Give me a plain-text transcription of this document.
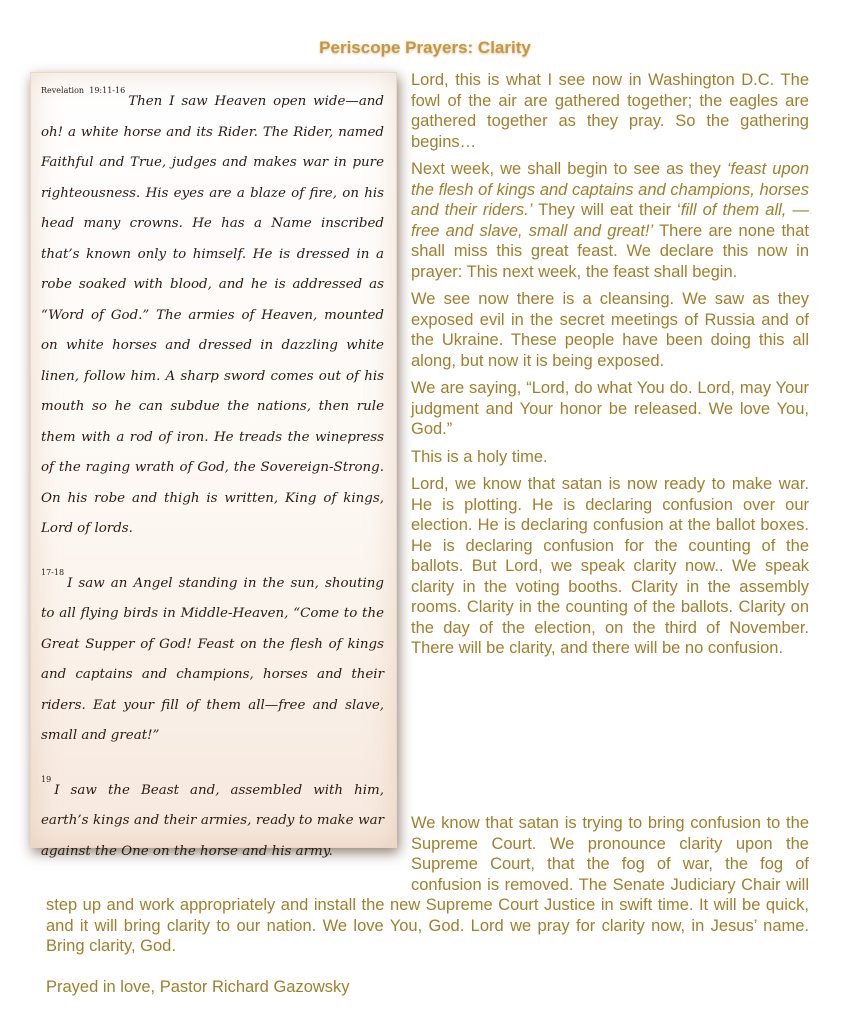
Periscope Prayers: Clarity

$^{Revelation 19:11-16}$Then I saw Heaven open wide—and oh! a white horse and its Rider. The Rider, named Faithful and True, judges and makes war in pure righteousness. His eyes are a blaze of fire, on his head many crowns. He has a Name inscribed that’s known only to himself. He is dressed in a robe soaked with blood, and he is addressed as “Word of God.” The armies of Heaven, mounted on white horses and dressed in dazzling white linen, follow him. A sharp sword comes out of his mouth so he can subdue the nations, then rule them with a rod of iron. He treads the winepress of the raging wrath of God, the Sovereign-Strong. On his robe and thigh is written, King of kings, Lord of lords.

$^{17-18}$I saw an Angel standing in the sun, shouting to all flying birds in Middle-Heaven, “Come to the Great Supper of God! Feast on the flesh of kings and captains and champions, horses and their riders. Eat your fill of them all—free and slave, small and great!”

$^{19}$I saw the Beast and, assembled with him, earth’s kings and their armies, ready to make war against the One on the horse and his army.

Lord, this is what I see now in Washington D.C. The fowl of the air are gathered together; the eagles are gathered together as they pray. So the gathering begins…

Next week, we shall begin to see as they ‘feast upon the flesh of kings and captains and champions, horses and their riders.’ They will eat their ‘fill of them all, —free and slave, small and great!’ There are none that shall miss this great feast. We declare this now in prayer: This next week, the feast shall begin.

We see now there is a cleansing. We saw as they exposed evil in the secret meetings of Russia and of the Ukraine. These people have been doing this all along, but now it is being exposed.

We are saying, “Lord, do what You do. Lord, may Your judgment and Your honor be released. We love You, God.”

This is a holy time.

Lord, we know that satan is now ready to make war. He is plotting. He is declaring confusion over our election. He is declaring confusion at the ballot boxes. He is declaring confusion for the counting of the ballots. But Lord, we speak clarity now.. We speak clarity in the voting booths. Clarity in the assembly rooms. Clarity in the counting of the ballots. Clarity on the day of the election, on the third of November. There will be clarity, and there will be no confusion.

We know that satan is trying to bring confusion to the Supreme Court. We pronounce clarity upon the Supreme Court, that the fog of war, the fog of confusion is removed. The Senate Judiciary Chair will step up and work appropriately and install the new Supreme Court Justice in swift time. It will be quick, and it will bring clarity to our nation. We love You, God. Lord we pray for clarity now, in Jesus’ name. Bring clarity, God.

Prayed in love, Pastor Richard Gazowsky
